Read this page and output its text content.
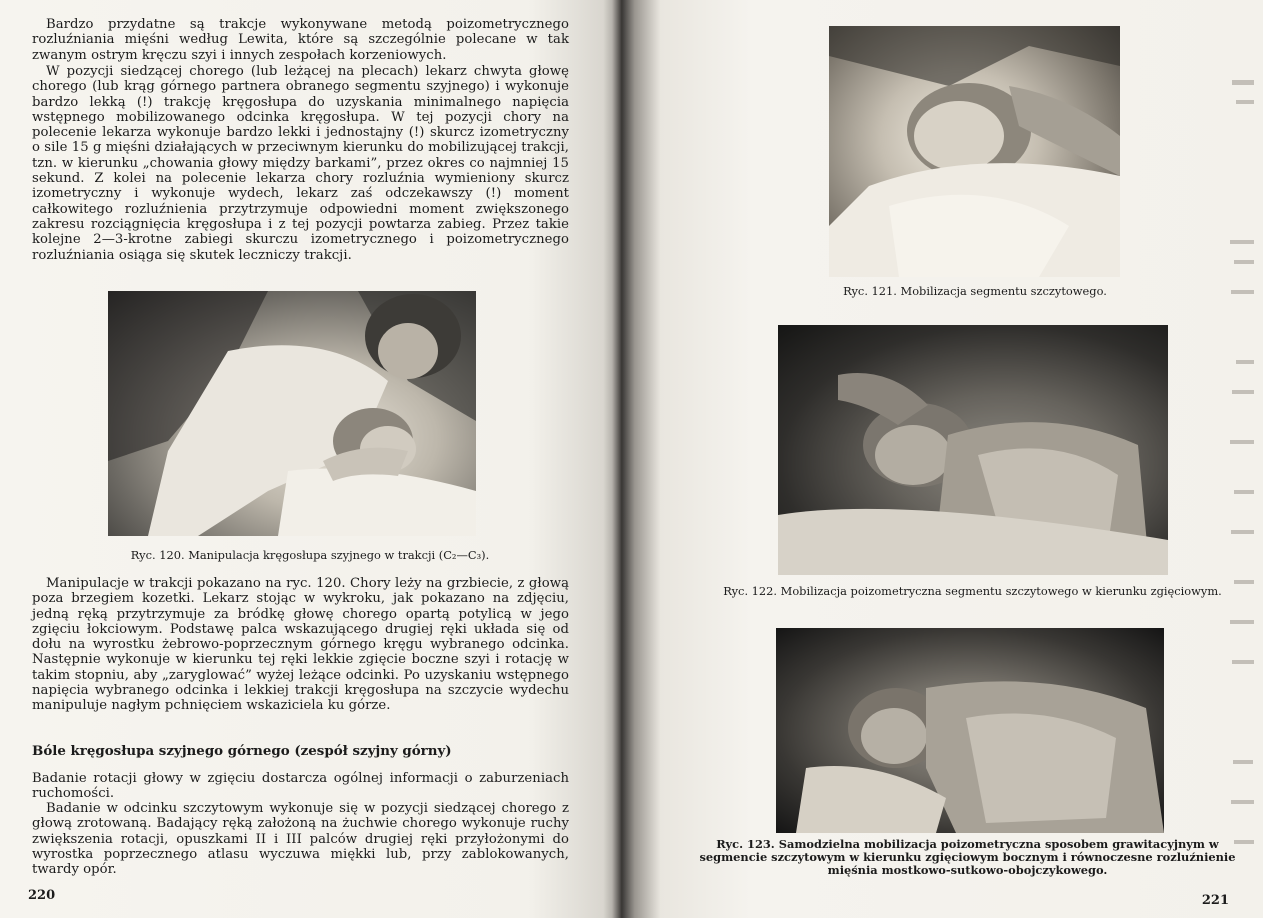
Bardzo przydatne są trakcje wykonywane metodą poizometrycznego rozluźniania mięśni według Lewita, które są szczególnie polecane w tak zwanym ostrym kręczu szyi i innych zespołach korzeniowych.

W pozycji siedzącej chorego (lub leżącej na plecach) lekarz chwyta głowę chorego (lub krąg górnego partnera obranego segmentu szyjnego) i wykonuje bardzo lekką (!) trakcję kręgosłupa do uzyskania minimalnego napięcia wstępnego mobilizowanego odcinka kręgosłupa. W tej pozycji chory na polecenie lekarza wykonuje bardzo lekki i jednostajny (!) skurcz izometryczny o sile 15 g mięśni działających w przeciwnym kierunku do mobilizującej trakcji, tzn. w kierunku „chowania głowy między barkami”, przez okres co najmniej 15 sekund. Z kolei na polecenie lekarza chory rozluźnia wymieniony skurcz izometryczny i wykonuje wydech, lekarz zaś odczekawszy (!) moment całkowitego rozluźnienia przytrzymuje odpowiedni moment zwiększonego zakresu rozciągnięcia kręgosłupa i z tej pozycji powtarza zabieg. Przez takie kolejne 2—3-krotne zabiegi skurczu izometrycznego i poizometrycznego rozluźniania osiąga się skutek leczniczy trakcji.

Ryc. 120. Manipulacja kręgosłupa szyjnego w trakcji (C₂—C₃).

Manipulacje w trakcji pokazano na ryc. 120. Chory leży na grzbiecie, z głową poza brzegiem kozetki. Lekarz stojąc w wykroku, jak pokazano na zdjęciu, jedną ręką przytrzymuje za bródkę głowę chorego opartą potylicą w jego zgięciu łokciowym. Podstawę palca wskazującego drugiej ręki układa się od dołu na wyrostku żebrowo-poprzecznym górnego kręgu wybranego odcinka. Następnie wykonuje w kierunku tej ręki lekkie zgięcie boczne szyi i rotację w takim stopniu, aby „zaryglować” wyżej leżące odcinki. Po uzyskaniu wstępnego napięcia wybranego odcinka i lekkiej trakcji kręgosłupa na szczycie wydechu manipuluje nagłym pchnięciem wskaziciela ku górze.

Bóle kręgosłupa szyjnego górnego (zespół szyjny górny)

Badanie rotacji głowy w zgięciu dostarcza ogólnej informacji o zaburzeniach ruchomości.

Badanie w odcinku szczytowym wykonuje się w pozycji siedzącej chorego z głową zrotowaną. Badający ręką założoną na żuchwie chorego wykonuje ruchy zwiększenia rotacji, opuszkami II i III palców drugiej ręki przyłożonymi do wyrostka poprzecznego atlasu wyczuwa miękki lub, przy zablokowanych, twardy opór.

220

Ryc. 121. Mobilizacja segmentu szczytowego.

Ryc. 122. Mobilizacja poizometryczna segmentu szczytowego w kierunku zgięciowym.

Ryc. 123. Samodzielna mobilizacja poizometryczna sposobem grawitacyjnym w segmencie szczytowym w kierunku zgięciowym bocznym i równoczesne rozluźnienie mięśnia mostkowo-sutkowo-obojczykowego.

221
